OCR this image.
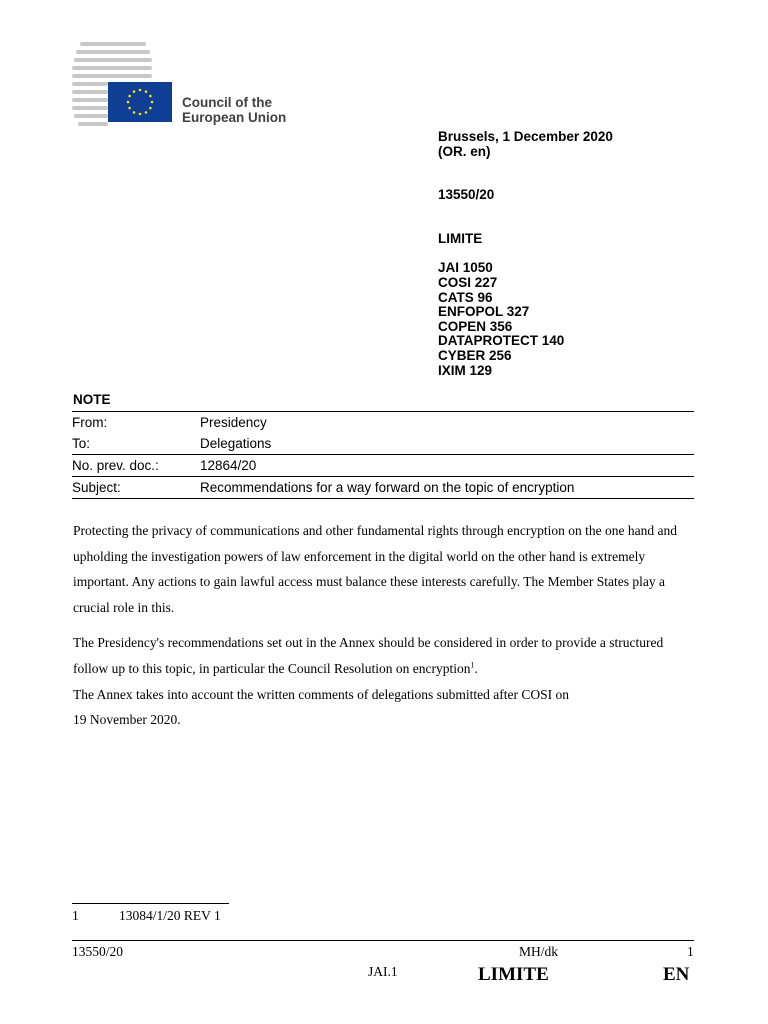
Council of the
European Union
Brussels, 1 December 2020
(OR. en)
13550/20
LIMITE
JAI 1050
COSI 227
CATS 96
ENFOPOL 327
COPEN 356
DATAPROTECT 140
CYBER 256
IXIM 129
NOTE
From:	Presidency
To:	Delegations
No. prev. doc.:	12864/20
Subject:	Recommendations for a way forward on the topic of encryption

Protecting the privacy of communications and other fundamental rights through encryption on the one hand and upholding the investigation powers of law enforcement in the digital world on the other hand is extremely important. Any actions to gain lawful access must balance these interests carefully. The Member States play a crucial role in this.

The Presidency's recommendations set out in the Annex should be considered in order to provide a structured follow up to this topic, in particular the Council Resolution on encryption$^1$.
The Annex takes into account the written comments of delegations submitted after COSI on
19 November 2020.

1	13084/1/20 REV 1
13550/20	MH/dk	1
JAI.1	LIMITE	EN
